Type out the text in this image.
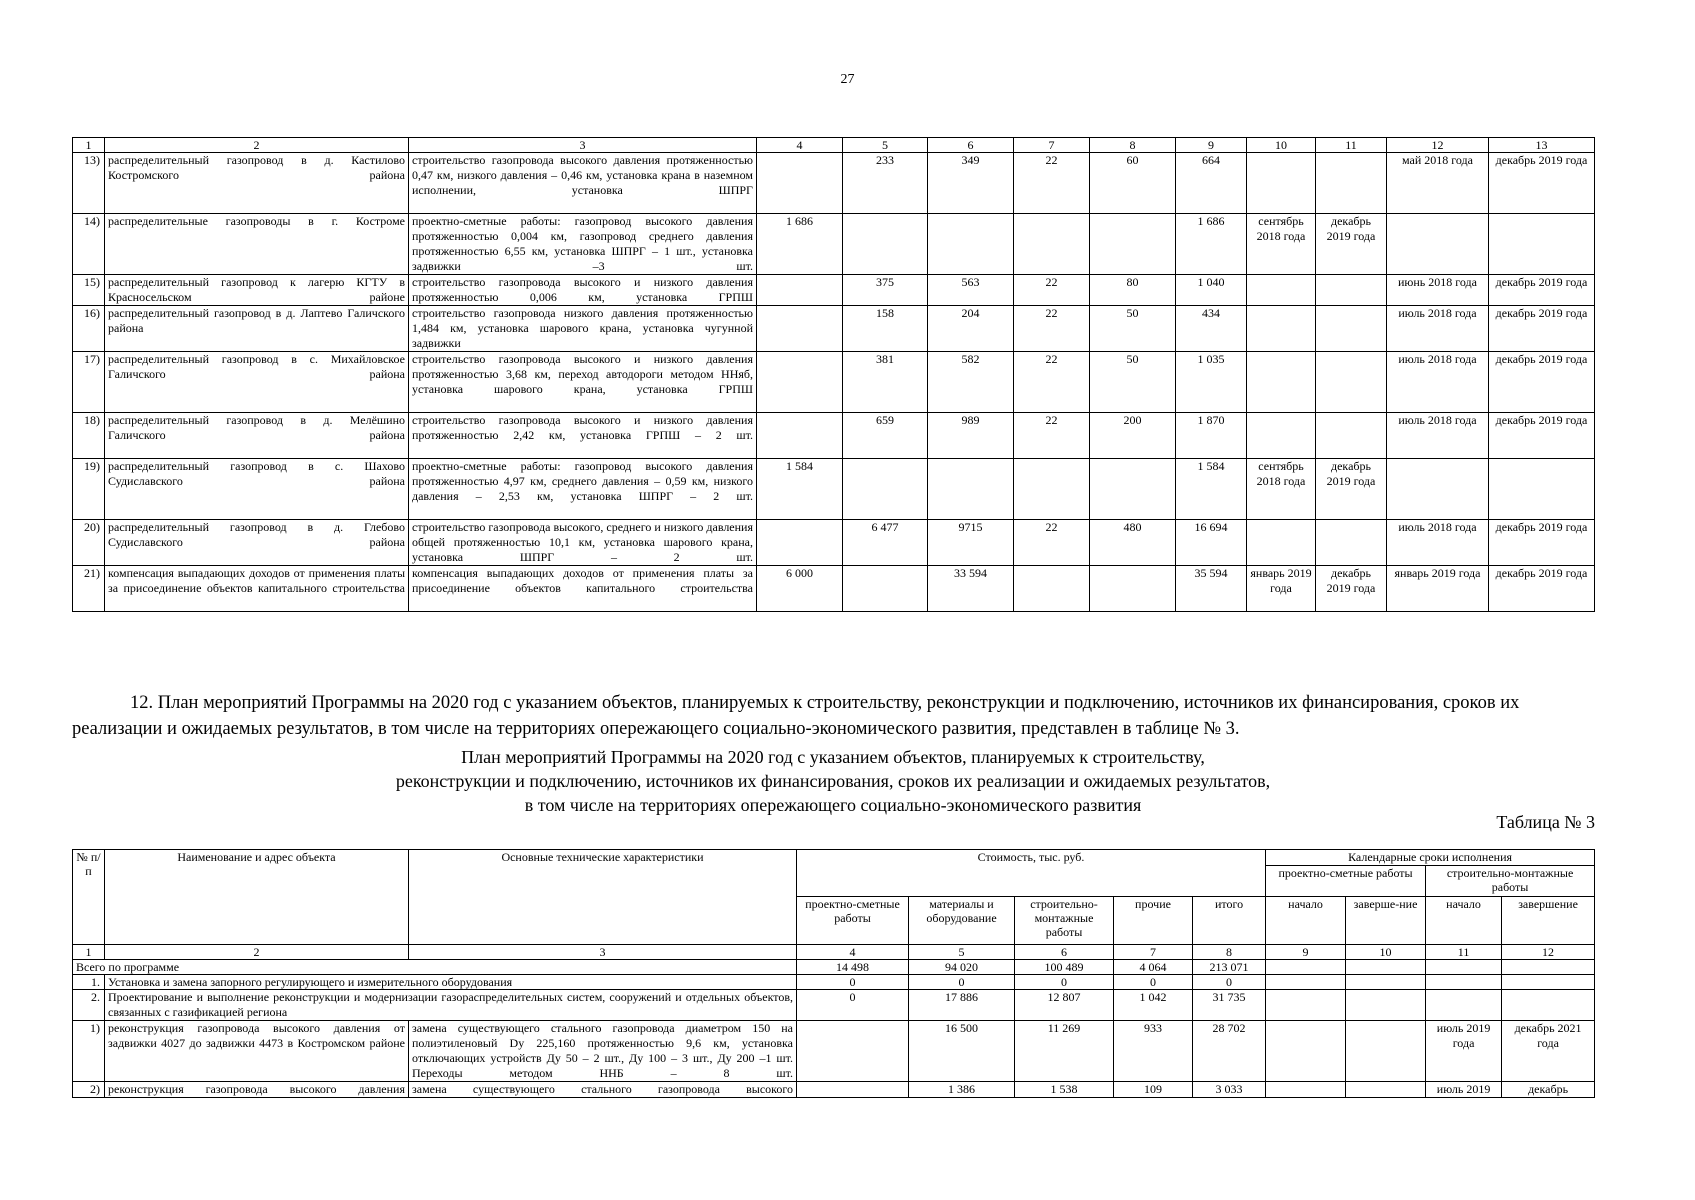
27
1	2	3	4	5	6	7	8	9	10	11	12	13
13)	распределительный газопровод в д. Кастилово Костромского района	строительство газопровода высокого давления протяженностью 0,47 км, низкого давления – 0,46 км, установка крана в наземном исполнении, установка ШПРГ		233	349	22	60	664			май 2018 года	декабрь 2019 года
14)	распределительные газопроводы в г. Костроме	проектно-сметные работы: газопровод высокого давления протяженностью 0,004 км, газопровод среднего давления протяженностью 6,55 км, установка ШПРГ – 1 шт., установка задвижки –3 шт.	1 686					1 686	сентябрь 2018 года	декабрь 2019 года		
15)	распределительный газопровод к лагерю КГТУ в Красносельском районе	строительство газопровода высокого и низкого давления протяженностью 0,006 км, установка ГРПШ		375	563	22	80	1 040			июнь 2018 года	декабрь 2019 года
16)	распределительный газопровод в д. Лаптево Галичского района	строительство газопровода низкого давления протяженностью 1,484 км, установка шарового крана, установка чугунной задвижки		158	204	22	50	434			июль 2018 года	декабрь 2019 года
17)	распределительный газопровод в с. Михайловское Галичского района	строительство газопровода высокого и низкого давления протяженностью 3,68 км, переход автодороги методом ННяб, установка шарового крана, установка ГРПШ		381	582	22	50	1 035			июль 2018 года	декабрь 2019 года
18)	распределительный газопровод в д. Мелёшино Галичского района	строительство газопровода высокого и низкого давления протяженностью 2,42 км, установка ГРПШ – 2 шт.		659	989	22	200	1 870			июль 2018 года	декабрь 2019 года
19)	распределительный газопровод в с. Шахово Судиславского района	проектно-сметные работы: газопровод высокого давления протяженностью 4,97 км, среднего давления – 0,59 км, низкого давления – 2,53 км, установка ШПРГ – 2 шт.	1 584					1 584	сентябрь 2018 года	декабрь 2019 года		
20)	распределительный газопровод в д. Глебово Судиславского района	строительство газопровода высокого, среднего и низкого давления общей протяженностью 10,1 км, установка шарового крана, установка ШПРГ – 2 шт.		6 477	9715	22	480	16 694			июль 2018 года	декабрь 2019 года
21)	компенсация выпадающих доходов от применения платы за присоединение объектов капитального строительства	компенсация выпадающих доходов от применения платы за присоединение объектов капитального строительства	6 000		33 594			35 594	январь 2019 года	декабрь 2019 года	январь 2019 года	декабрь 2019 года
12. План мероприятий Программы на 2020 год с указанием объектов, планируемых к строительству, реконструкции и подключению, источников их финансирования, сроков их реализации и ожидаемых результатов, в том числе на территориях опережающего социально-экономического развития, представлен в таблице № 3.
План мероприятий Программы на 2020 год с указанием объектов, планируемых к строительству,
реконструкции и подключению, источников их финансирования, сроков их реализации и ожидаемых результатов,
в том числе на территориях опережающего социально-экономического развития
Таблица № 3
№ п/п	Наименование и адрес объекта	Основные технические характеристики	Стоимость, тыс. руб.					Календарные сроки исполнения			
								проектно-сметные работы		строительно-монтажные работы	
			проектно-сметные работы	материалы и оборудование	строительно-монтажные работы	прочие	итого	начало	заверше-ние	начало	завершение
1	2	3	4	5	6	7	8	9	10	11	12
Всего по программе			14 498	94 020	100 489	4 064	213 071				
1.	Установка и замена запорного регулирующего и измерительного оборудования		0	0	0	0	0				
2.	Проектирование и выполнение реконструкции и модернизации газораспределительных систем, сооружений и отдельных объектов, связанных с газификацией региона		0	17 886	12 807	1 042	31 735				
1)	реконструкция газопровода высокого давления от задвижки 4027 до задвижки 4473 в Костромском районе	замена существующего стального газопровода диаметром 150 на полиэтиленовый Dу 225,160 протяженностью 9,6 км, установка отключающих устройств Ду 50 – 2 шт., Ду 100 – 3 шт., Ду 200 –1 шт. Переходы методом ННБ – 8 шт.		16 500	11 269	933	28 702			июль 2019 года	декабрь 2021 года
2)	реконструкция газопровода высокого давления	замена существующего стального газопровода высокого		1 386	1 538	109	3 033			июль 2019	декабрь
